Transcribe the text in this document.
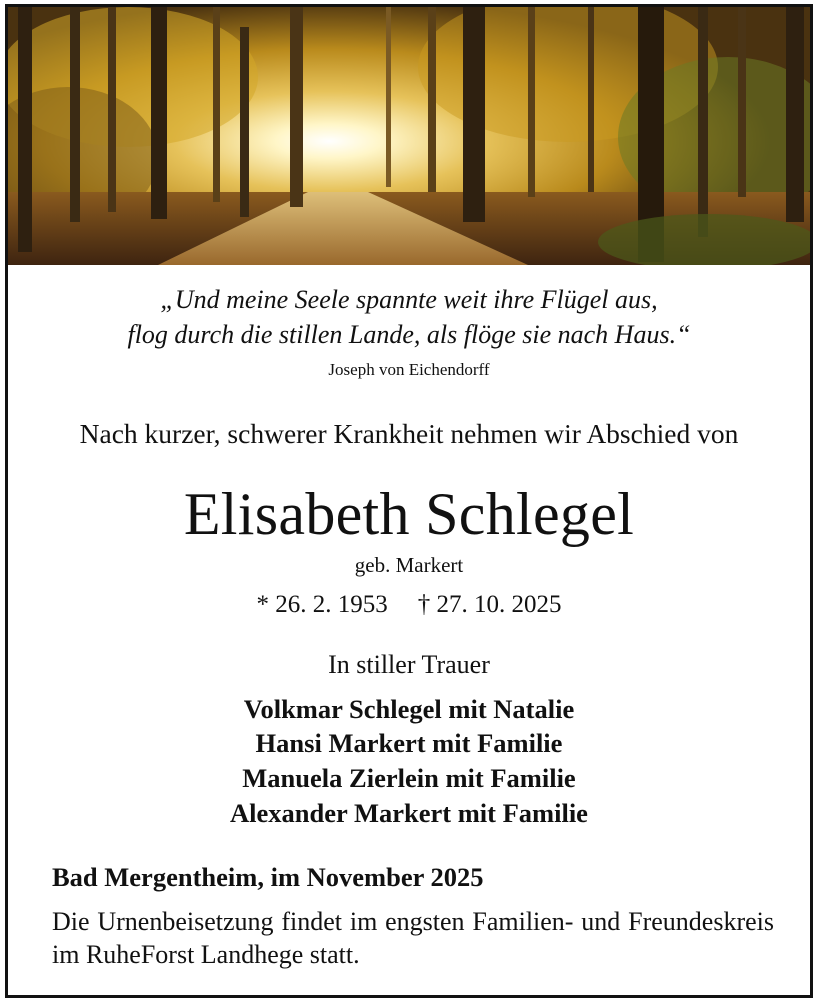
„Und meine Seele spannte weit ihre Flügel aus,
flog durch die stillen Lande, als flöge sie nach Haus.“
Joseph von Eichendorff
Nach kurzer, schwerer Krankheit nehmen wir Abschied von
Elisabeth Schlegel
geb. Markert
* 26. 2. 1953 † 27. 10. 2025
In stiller Trauer
Volkmar Schlegel mit Natalie
Hansi Markert mit Familie
Manuela Zierlein mit Familie
Alexander Markert mit Familie
Bad Mergentheim, im November 2025
Die Urnenbeisetzung findet im engsten Familien- und Freundeskreis im RuheForst Landhege statt.
